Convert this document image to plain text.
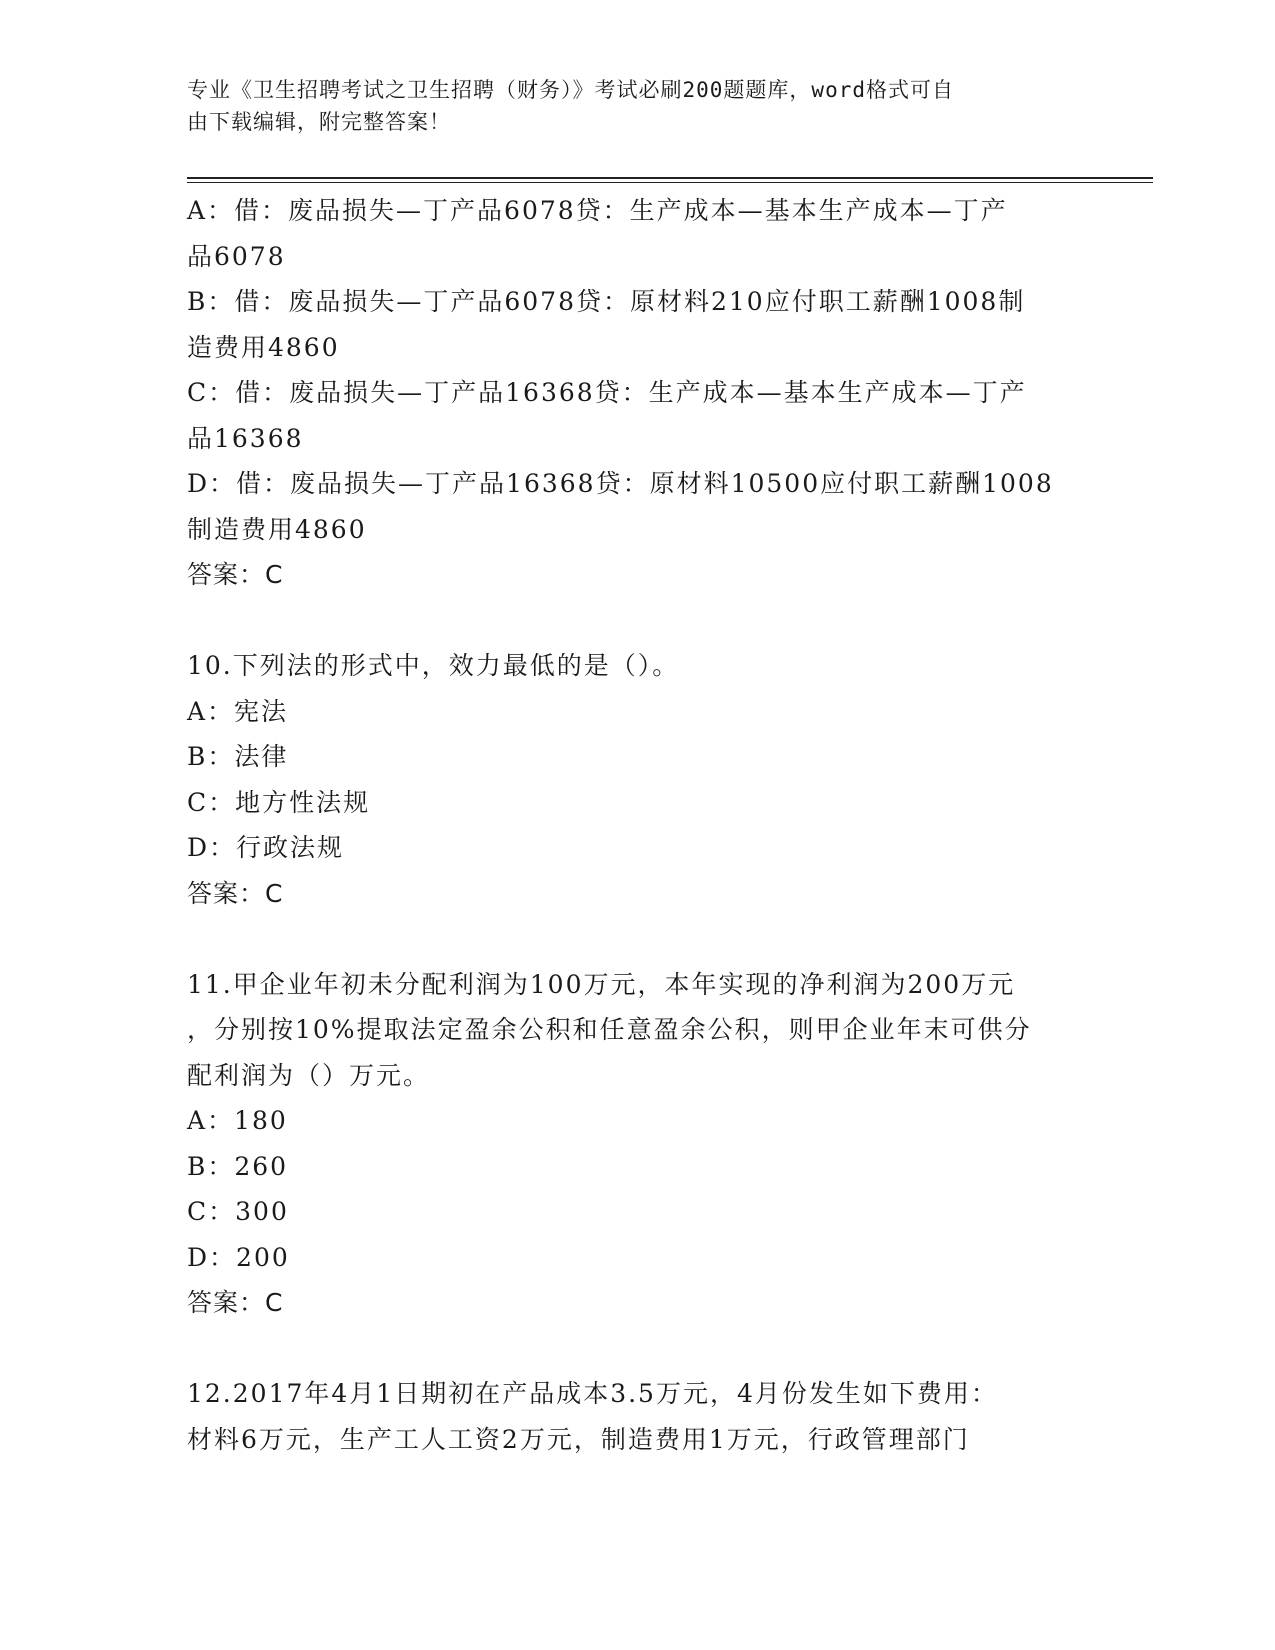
专业《卫生招聘考试之卫生招聘（财务）》考试必刷200题题库，word格式可自
由下载编辑，附完整答案！
A：借：废品损失—丁产品6078贷：生产成本—基本生产成本—丁产
品6078
B：借：废品损失—丁产品6078贷：原材料210应付职工薪酬1008制
造费用4860
C：借：废品损失—丁产品16368贷：生产成本—基本生产成本—丁产
品16368
D：借：废品损失—丁产品16368贷：原材料10500应付职工薪酬1008
制造费用4860
答案：C
10.下列法的形式中，效力最低的是（）。
A：宪法
B：法律
C：地方性法规
D：行政法规
答案：C
11.甲企业年初未分配利润为100万元，本年实现的净利润为200万元
，分别按10%提取法定盈余公积和任意盈余公积，则甲企业年末可供分
配利润为（）万元。
A：180
B：260
C：300
D：200
答案：C
12.2017年4月1日期初在产品成本3.5万元，4月份发生如下费用：
材料6万元，生产工人工资2万元，制造费用1万元，行政管理部门
